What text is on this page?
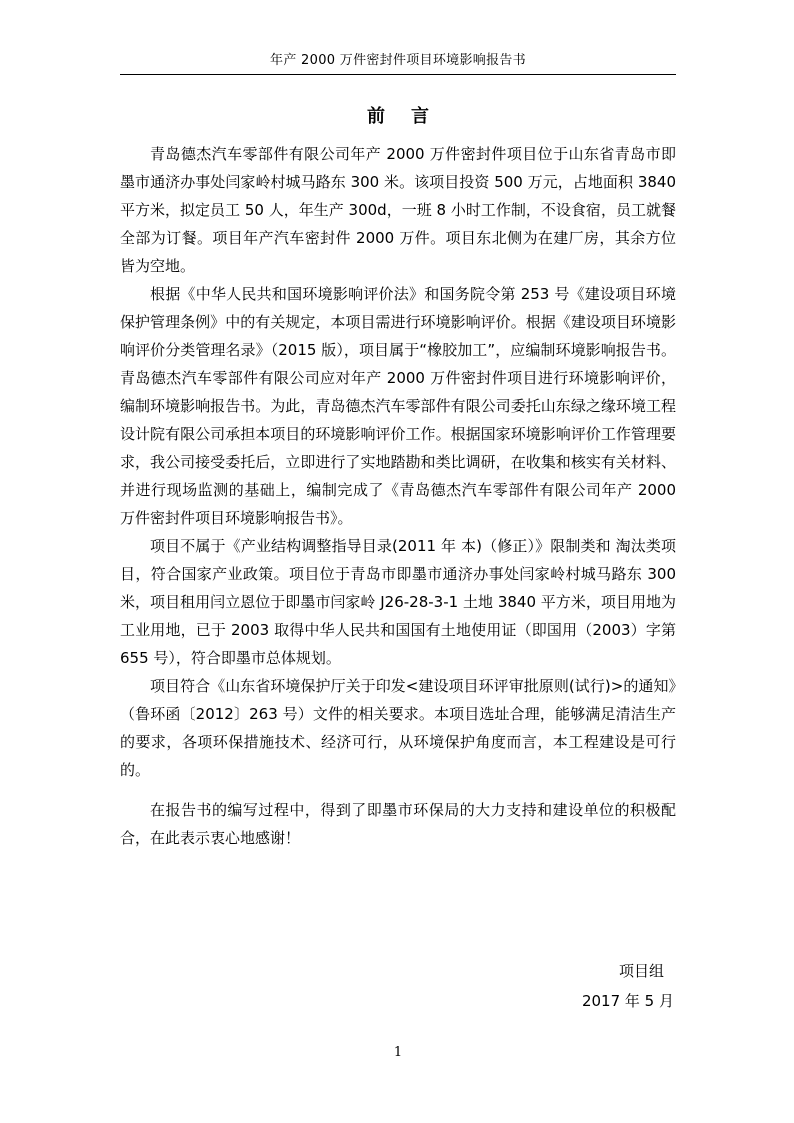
年产 2000 万件密封件项目环境影响报告书
前言

青岛德杰汽车零部件有限公司年产 2000 万件密封件项目位于山东省青岛市即墨市通济办事处闫家岭村城马路东 300 米。该项目投资 500 万元，占地面积 3840 平方米，拟定员工 50 人，年生产 300d，一班 8 小时工作制，不设食宿，员工就餐全部为订餐。项目年产汽车密封件 2000 万件。项目东北侧为在建厂房，其余方位皆为空地。

根据《中华人民共和国环境影响评价法》和国务院令第 253 号《建设项目环境保护管理条例》中的有关规定，本项目需进行环境影响评价。根据《建设项目环境影响评价分类管理名录》（2015 版），项目属于“橡胶加工”，应编制环境影响报告书。青岛德杰汽车零部件有限公司应对年产 2000 万件密封件项目进行环境影响评价，编制环境影响报告书。为此，青岛德杰汽车零部件有限公司委托山东绿之缘环境工程设计院有限公司承担本项目的环境影响评价工作。根据国家环境影响评价工作管理要求，我公司接受委托后，立即进行了实地踏勘和类比调研，在收集和核实有关材料、并进行现场监测的基础上，编制完成了《青岛德杰汽车零部件有限公司年产 2000 万件密封件项目环境影响报告书》。

项目不属于《产业结构调整指导目录(2011 年 本)（修正）》限制类和 淘汰类项目，符合国家产业政策。项目位于青岛市即墨市通济办事处闫家岭村城马路东 300 米，项目租用闫立恩位于即墨市闫家岭 J26-28-3-1 土地 3840 平方米，项目用地为工业用地，已于 2003 取得中华人民共和国国有土地使用证（即国用（2003）字第 655 号），符合即墨市总体规划。

项目符合《山东省环境保护厅关于印发<建设项目环评审批原则(试行)>的通知》（鲁环函〔2012〕263 号）文件的相关要求。本项目选址合理，能够满足清洁生产的要求，各项环保措施技术、经济可行，从环境保护角度而言，本工程建设是可行的。

在报告书的编写过程中，得到了即墨市环保局的大力支持和建设单位的积极配合，在此表示衷心地感谢！

项目组
2017 年 5 月
1
